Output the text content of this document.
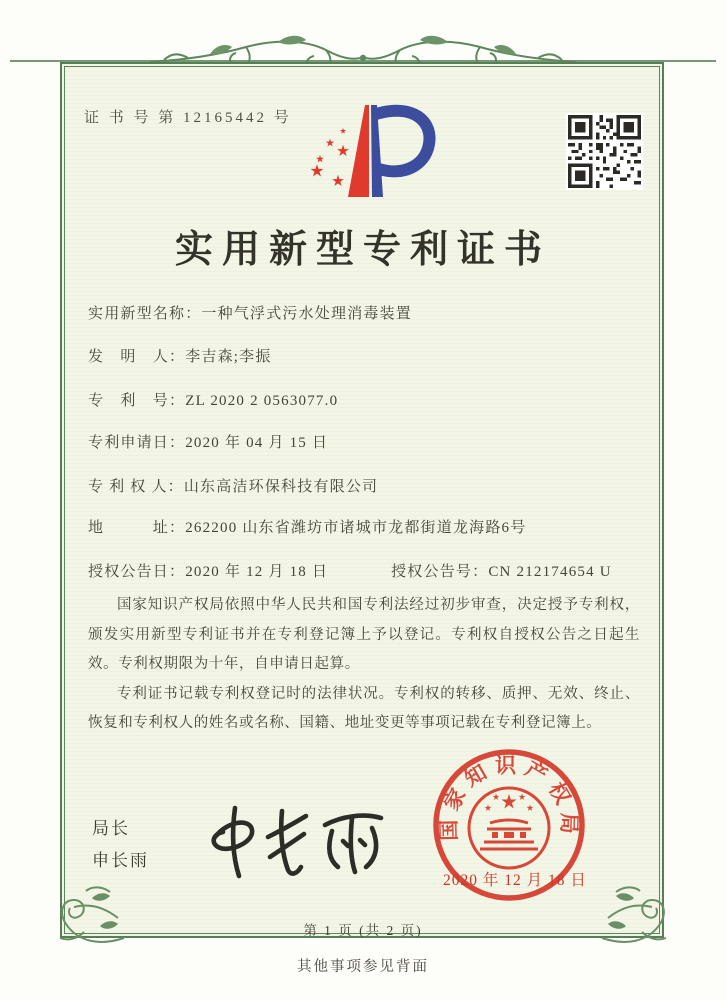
证 书 号 第 12165442 号
实用新型专利证书
实用新型名称：一种气浮式污水处理消毒装置
发　明　人：李吉森;李振
专　利　号：ZL 2020 2 0563077.0
专利申请日：2020 年 04 月 15 日
专 利 权 人：山东高洁环保科技有限公司
地　　　址：262200 山东省潍坊市诸城市龙都街道龙海路6号
授权公告日：2020 年 12 月 18 日	授权公告号：CN 212174654 U

国家知识产权局依照中华人民共和国专利法经过初步审查，决定授予专利权，颁发实用新型专利证书并在专利登记簿上予以登记。专利权自授权公告之日起生效。专利权期限为十年，自申请日起算。

专利证书记载专利权登记时的法律状况。专利权的转移、质押、无效、终止、恢复和专利权人的姓名或名称、国籍、地址变更等事项记载在专利登记簿上。

局长
申长雨
国家知识产权局
2020 年 12 月 18 日
第 1 页 (共 2 页)
其他事项参见背面
